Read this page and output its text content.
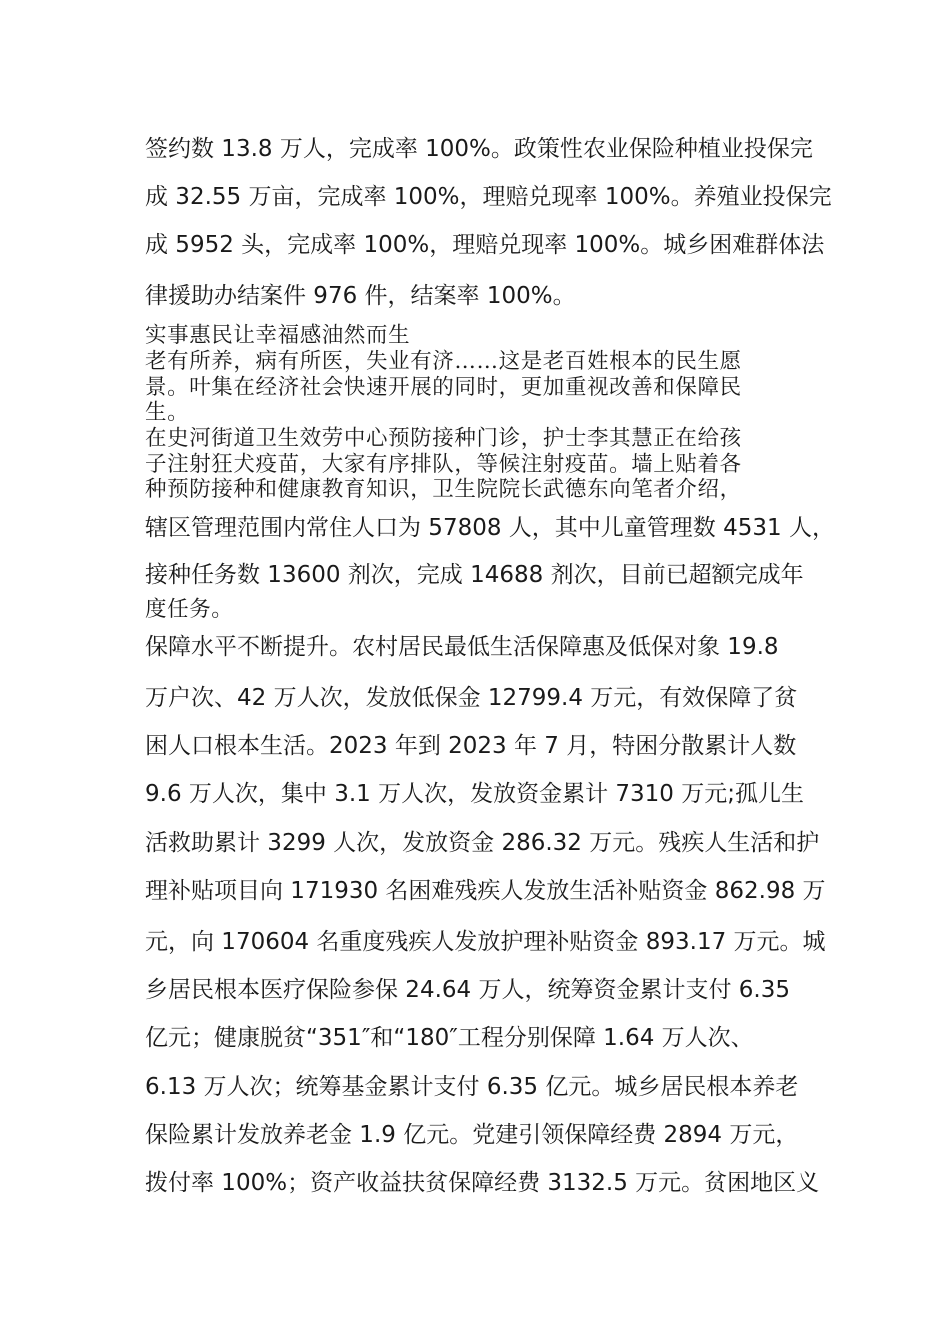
签约数 13.8 万人，完成率 100%。政策性农业保险种植业投保完
成 32.55 万亩，完成率 100%，理赔兑现率 100%。养殖业投保完
成 5952 头，完成率 100%，理赔兑现率 100%。城乡困难群体法
律援助办结案件 976 件，结案率 100%。
实事惠民让幸福感油然而生
老有所养，病有所医，失业有济……这是老百姓根本的民生愿
景。叶集在经济社会快速开展的同时，更加重视改善和保障民
生。
在史河街道卫生效劳中心预防接种门诊，护士李其慧正在给孩
子注射狂犬疫苗，大家有序排队，等候注射疫苗。墙上贴着各
种预防接种和健康教育知识，卫生院院长武德东向笔者介绍，
辖区管理范围内常住人口为 57808 人，其中儿童管理数 4531 人，
接种任务数 13600 剂次，完成 14688 剂次，目前已超额完成年
度任务。
保障水平不断提升。农村居民最低生活保障惠及低保对象 19.8
万户次、42 万人次，发放低保金 12799.4 万元，有效保障了贫
困人口根本生活。2023 年到 2023 年 7 月，特困分散累计人数
9.6 万人次，集中 3.1 万人次，发放资金累计 7310 万元;孤儿生
活救助累计 3299 人次，发放资金 286.32 万元。残疾人生活和护
理补贴项目向 171930 名困难残疾人发放生活补贴资金 862.98 万
元，向 170604 名重度残疾人发放护理补贴资金 893.17 万元。城
乡居民根本医疗保险参保 24.64 万人，统筹资金累计支付 6.35
亿元；健康脱贫“351″和“180″工程分别保障 1.64 万人次、
6.13 万人次；统筹基金累计支付 6.35 亿元。城乡居民根本养老
保险累计发放养老金 1.9 亿元。党建引领保障经费 2894 万元，
拨付率 100%；资产收益扶贫保障经费 3132.5 万元。贫困地区义
